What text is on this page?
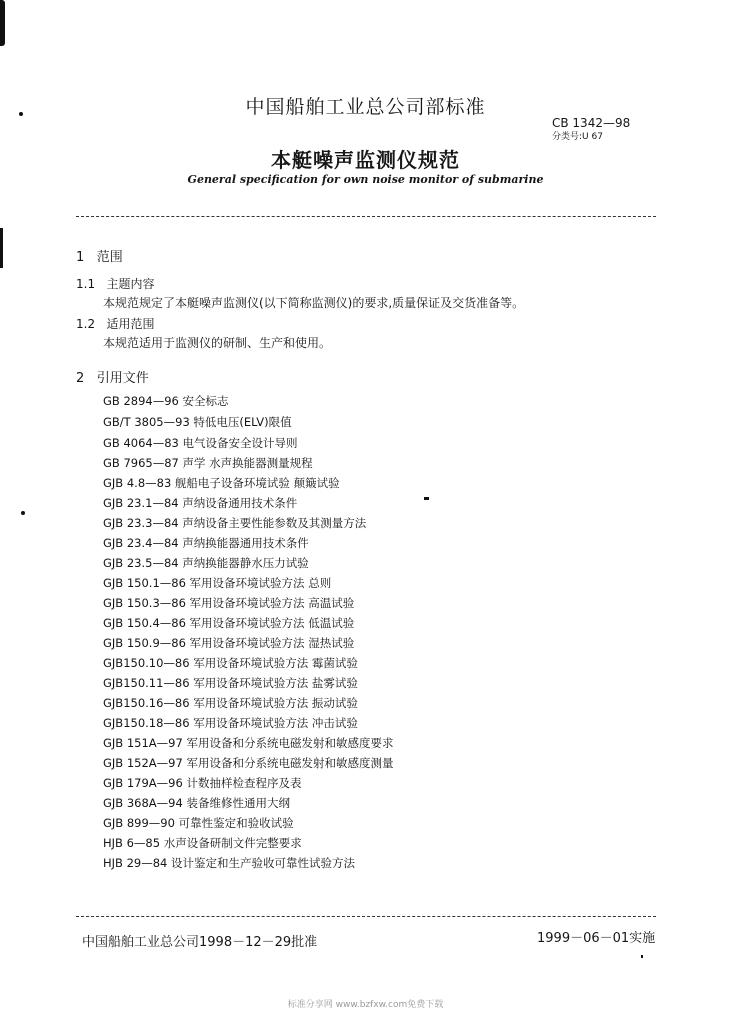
中国船舶工业总公司部标准
CB 1342—98
分类号:U 67
本艇噪声监测仪规范
General specification for own noise monitor of submarine
1 范围
1.1 主题内容
本规范规定了本艇噪声监测仪(以下简称监测仪)的要求,质量保证及交货准备等。
1.2 适用范围
本规范适用于监测仪的研制、生产和使用。
2 引用文件
GB 2894—96 安全标志
GB/T 3805—93 特低电压(ELV)限值
GB 4064—83 电气设备安全设计导则
GB 7965—87 声学 水声换能器测量规程
GJB 4.8—83 舰船电子设备环境试验 颠簸试验
GJB 23.1—84 声纳设备通用技术条件
GJB 23.3—84 声纳设备主要性能参数及其测量方法
GJB 23.4—84 声纳换能器通用技术条件
GJB 23.5—84 声纳换能器静水压力试验
GJB 150.1—86 军用设备环境试验方法 总则
GJB 150.3—86 军用设备环境试验方法 高温试验
GJB 150.4—86 军用设备环境试验方法 低温试验
GJB 150.9—86 军用设备环境试验方法 湿热试验
GJB150.10—86 军用设备环境试验方法 霉菌试验
GJB150.11—86 军用设备环境试验方法 盐雾试验
GJB150.16—86 军用设备环境试验方法 振动试验
GJB150.18—86 军用设备环境试验方法 冲击试验
GJB 151A—97 军用设备和分系统电磁发射和敏感度要求
GJB 152A—97 军用设备和分系统电磁发射和敏感度测量
GJB 179A—96 计数抽样检查程序及表
GJB 368A—94 装备维修性通用大纲
GJB 899—90 可靠性鉴定和验收试验
HJB 6—85 水声设备研制文件完整要求
HJB 29—84 设计鉴定和生产验收可靠性试验方法
中国船舶工业总公司1998－12－29批准	1999－06－01实施
标准分享网 www.bzfxw.com免费下载
